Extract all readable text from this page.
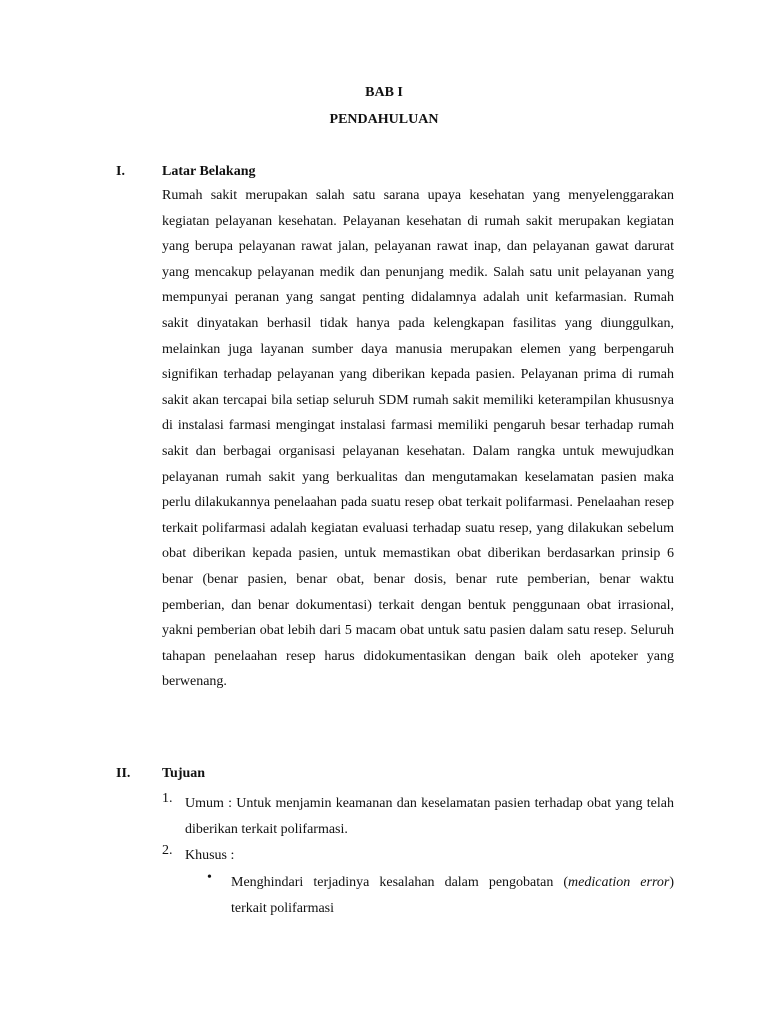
BAB I
PENDAHULUAN
I.	Latar Belakang

Rumah sakit merupakan salah satu sarana upaya kesehatan yang menyelenggarakan kegiatan pelayanan kesehatan. Pelayanan kesehatan di rumah sakit merupakan kegiatan yang berupa pelayanan rawat jalan, pelayanan rawat inap, dan pelayanan gawat darurat yang mencakup pelayanan medik dan penunjang medik. Salah satu unit pelayanan yang mempunyai peranan yang sangat penting didalamnya adalah unit kefarmasian. Rumah sakit dinyatakan berhasil tidak hanya pada kelengkapan fasilitas yang diunggulkan, melainkan juga layanan sumber daya manusia merupakan elemen yang berpengaruh signifikan terhadap pelayanan yang diberikan kepada pasien. Pelayanan prima di rumah sakit akan tercapai bila setiap seluruh SDM rumah sakit memiliki keterampilan khususnya di instalasi farmasi mengingat instalasi farmasi memiliki pengaruh besar terhadap rumah sakit dan berbagai organisasi pelayanan kesehatan. Dalam rangka untuk mewujudkan pelayanan rumah sakit yang berkualitas dan mengutamakan keselamatan pasien maka perlu dilakukannya penelaahan pada suatu resep obat terkait polifarmasi. Penelaahan resep terkait polifarmasi adalah kegiatan evaluasi terhadap suatu resep, yang dilakukan sebelum obat diberikan kepada pasien, untuk memastikan obat diberikan berdasarkan prinsip 6 benar (benar pasien, benar obat, benar dosis, benar rute pemberian, benar waktu pemberian, dan benar dokumentasi) terkait dengan bentuk penggunaan obat irrasional, yakni pemberian obat lebih dari 5 macam obat untuk satu pasien dalam satu resep. Seluruh tahapan penelaahan resep harus didokumentasikan dengan baik oleh apoteker yang berwenang.

II. Tujuan
1. Umum : Untuk menjamin keamanan dan keselamatan pasien terhadap obat yang telah diberikan terkait polifarmasi.

2. Khusus :

• Menghindari terjadinya kesalahan dalam pengobatan (medication error) terkait polifarmasi
